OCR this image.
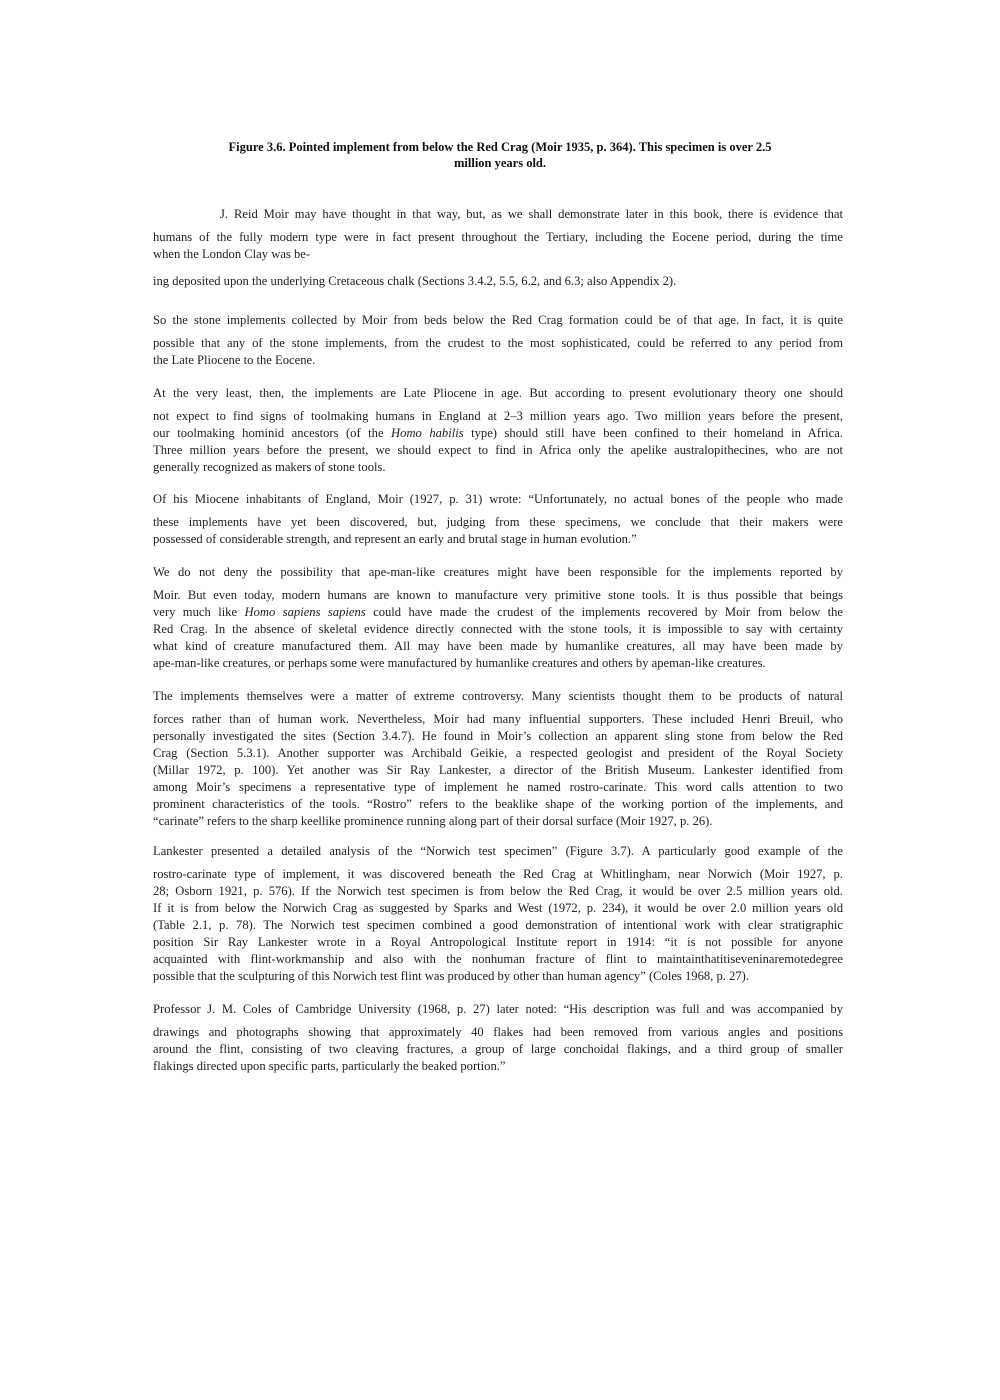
Figure 3.6. Pointed implement from below the Red Crag (Moir 1935, p. 364). This specimen is over 2.5
million years old.
J. Reid Moir may have thought in that way, but, as we shall demonstrate later in this book, there is evidence that
humans of the fully modern type were in fact present throughout the Tertiary, including the Eocene period, during the time
when the London Clay was be-
ing deposited upon the underlying Cretaceous chalk (Sections 3.4.2, 5.5, 6.2, and 6.3; also Appendix 2).
So the stone implements collected by Moir from beds below the Red Crag formation could be of that age. In fact, it is quite
possible that any of the stone implements, from the crudest to the most sophisticated, could be referred to any period from
the Late Pliocene to the Eocene.
At the very least, then, the implements are Late Pliocene in age. But according to present evolutionary theory one should
not expect to find signs of toolmaking humans in England at 2–3 million years ago. Two million years before the present,
our toolmaking hominid ancestors (of the Homo habilis type) should still have been confined to their homeland in Africa.
Three million years before the present, we should expect to find in Africa only the apelike australopithecines, who are not
generally recognized as makers of stone tools.
Of his Miocene inhabitants of England, Moir (1927, p. 31) wrote: “Unfortunately, no actual bones of the people who made
these implements have yet been discovered, but, judging from these specimens, we conclude that their makers were
possessed of considerable strength, and represent an early and brutal stage in human evolution.”
We do not deny the possibility that ape-man-like creatures might have been responsible for the implements reported by
Moir. But even today, modern humans are known to manufacture very primitive stone tools. It is thus possible that beings
very much like Homo sapiens sapiens could have made the crudest of the implements recovered by Moir from below the
Red Crag. In the absence of skeletal evidence directly connected with the stone tools, it is impossible to say with certainty
what kind of creature manufactured them. All may have been made by humanlike creatures, all may have been made by
ape-man-like creatures, or perhaps some were manufactured by humanlike creatures and others by apeman-like creatures.
The implements themselves were a matter of extreme controversy. Many scientists thought them to be products of natural
forces rather than of human work. Nevertheless, Moir had many influential supporters. These included Henri Breuil, who
personally investigated the sites (Section 3.4.7). He found in Moir’s collection an apparent sling stone from below the Red
Crag (Section 5.3.1). Another supporter was Archibald Geikie, a respected geologist and president of the Royal Society
(Millar 1972, p. 100). Yet another was Sir Ray Lankester, a director of the British Museum. Lankester identified from
among Moir’s specimens a representative type of implement he named rostro-carinate. This word calls attention to two
prominent characteristics of the tools. “Rostro” refers to the beaklike shape of the working portion of the implements, and
“carinate” refers to the sharp keellike prominence running along part of their dorsal surface (Moir 1927, p. 26).
Lankester presented a detailed analysis of the “Norwich test specimen” (Figure 3.7). A particularly good example of the
rostro-carinate type of implement, it was discovered beneath the Red Crag at Whitlingham, near Norwich (Moir 1927, p.
28; Osborn 1921, p. 576). If the Norwich test specimen is from below the Red Crag, it would be over 2.5 million years old.
If it is from below the Norwich Crag as suggested by Sparks and West (1972, p. 234), it would be over 2.0 million years old
(Table 2.1, p. 78). The Norwich test specimen combined a good demonstration of intentional work with clear stratigraphic
position Sir Ray Lankester wrote in a Royal Antropological Institute report in 1914: “it is not possible for anyone
acquainted with flint-workmanship and also with the nonhuman fracture of flint to maintainthatitiseveninaremotedegree
possible that the sculpturing of this Norwich test flint was produced by other than human agency” (Coles 1968, p. 27).
Professor J. M. Coles of Cambridge University (1968, p. 27) later noted: “His description was full and was accompanied by
drawings and photographs showing that approximately 40 flakes had been removed from various angles and positions
around the flint, consisting of two cleaving fractures, a group of large conchoidal flakings, and a third group of smaller
flakings directed upon specific parts, particularly the beaked portion.”
